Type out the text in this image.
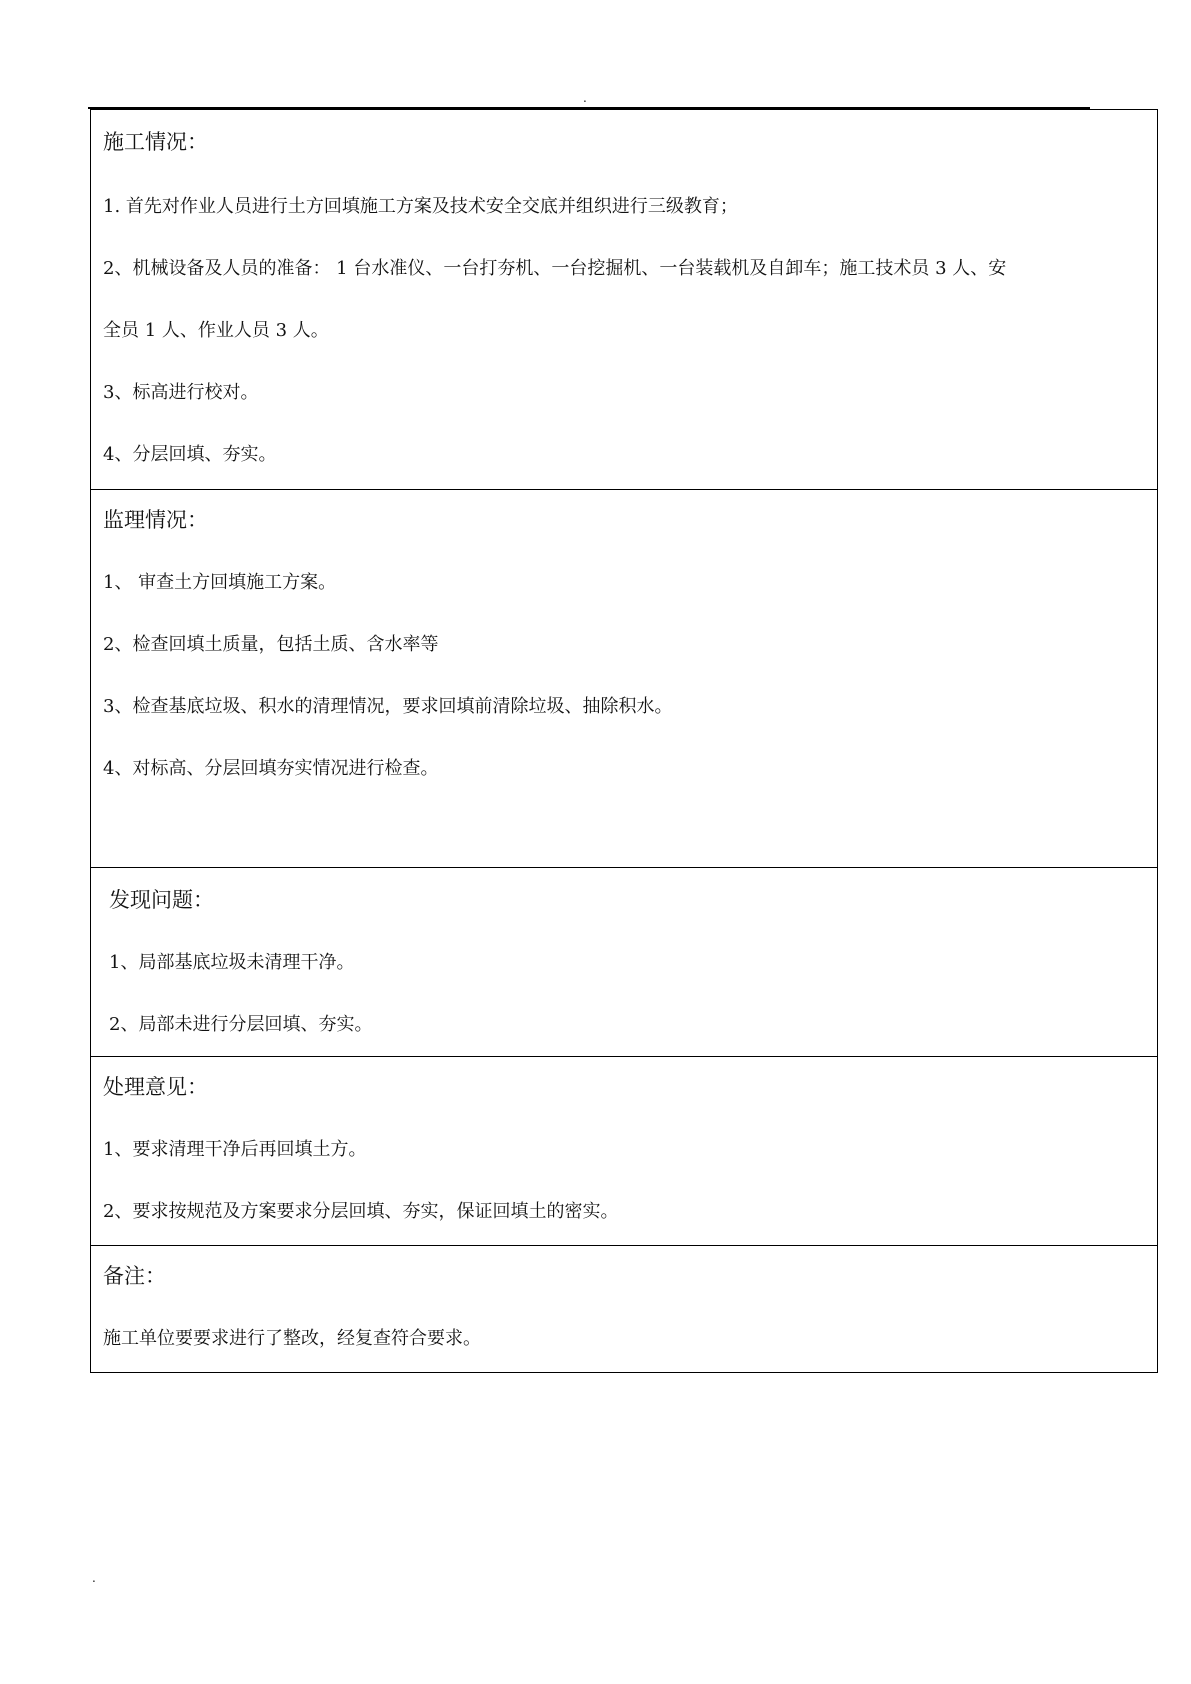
.
施工情况：
1. 首先对作业人员进行土方回填施工方案及技术安全交底并组织进行三级教育；
2、机械设备及人员的准备： 1 台水准仪、一台打夯机、一台挖掘机、一台装载机及自卸车；施工技术员 3 人、安
全员 1 人、作业人员 3 人。
3、标高进行校对。
4、分层回填、夯实。
监理情况：
1、 审查土方回填施工方案。
2、检查回填土质量，包括土质、含水率等
3、检查基底垃圾、积水的清理情况，要求回填前清除垃圾、抽除积水。
4、对标高、分层回填夯实情况进行检查。
发现问题：
1、局部基底垃圾未清理干净。
2、局部未进行分层回填、夯实。
处理意见：
1、要求清理干净后再回填土方。
2、要求按规范及方案要求分层回填、夯实，保证回填土的密实。
备注：
施工单位要要求进行了整改，经复查符合要求。
.
